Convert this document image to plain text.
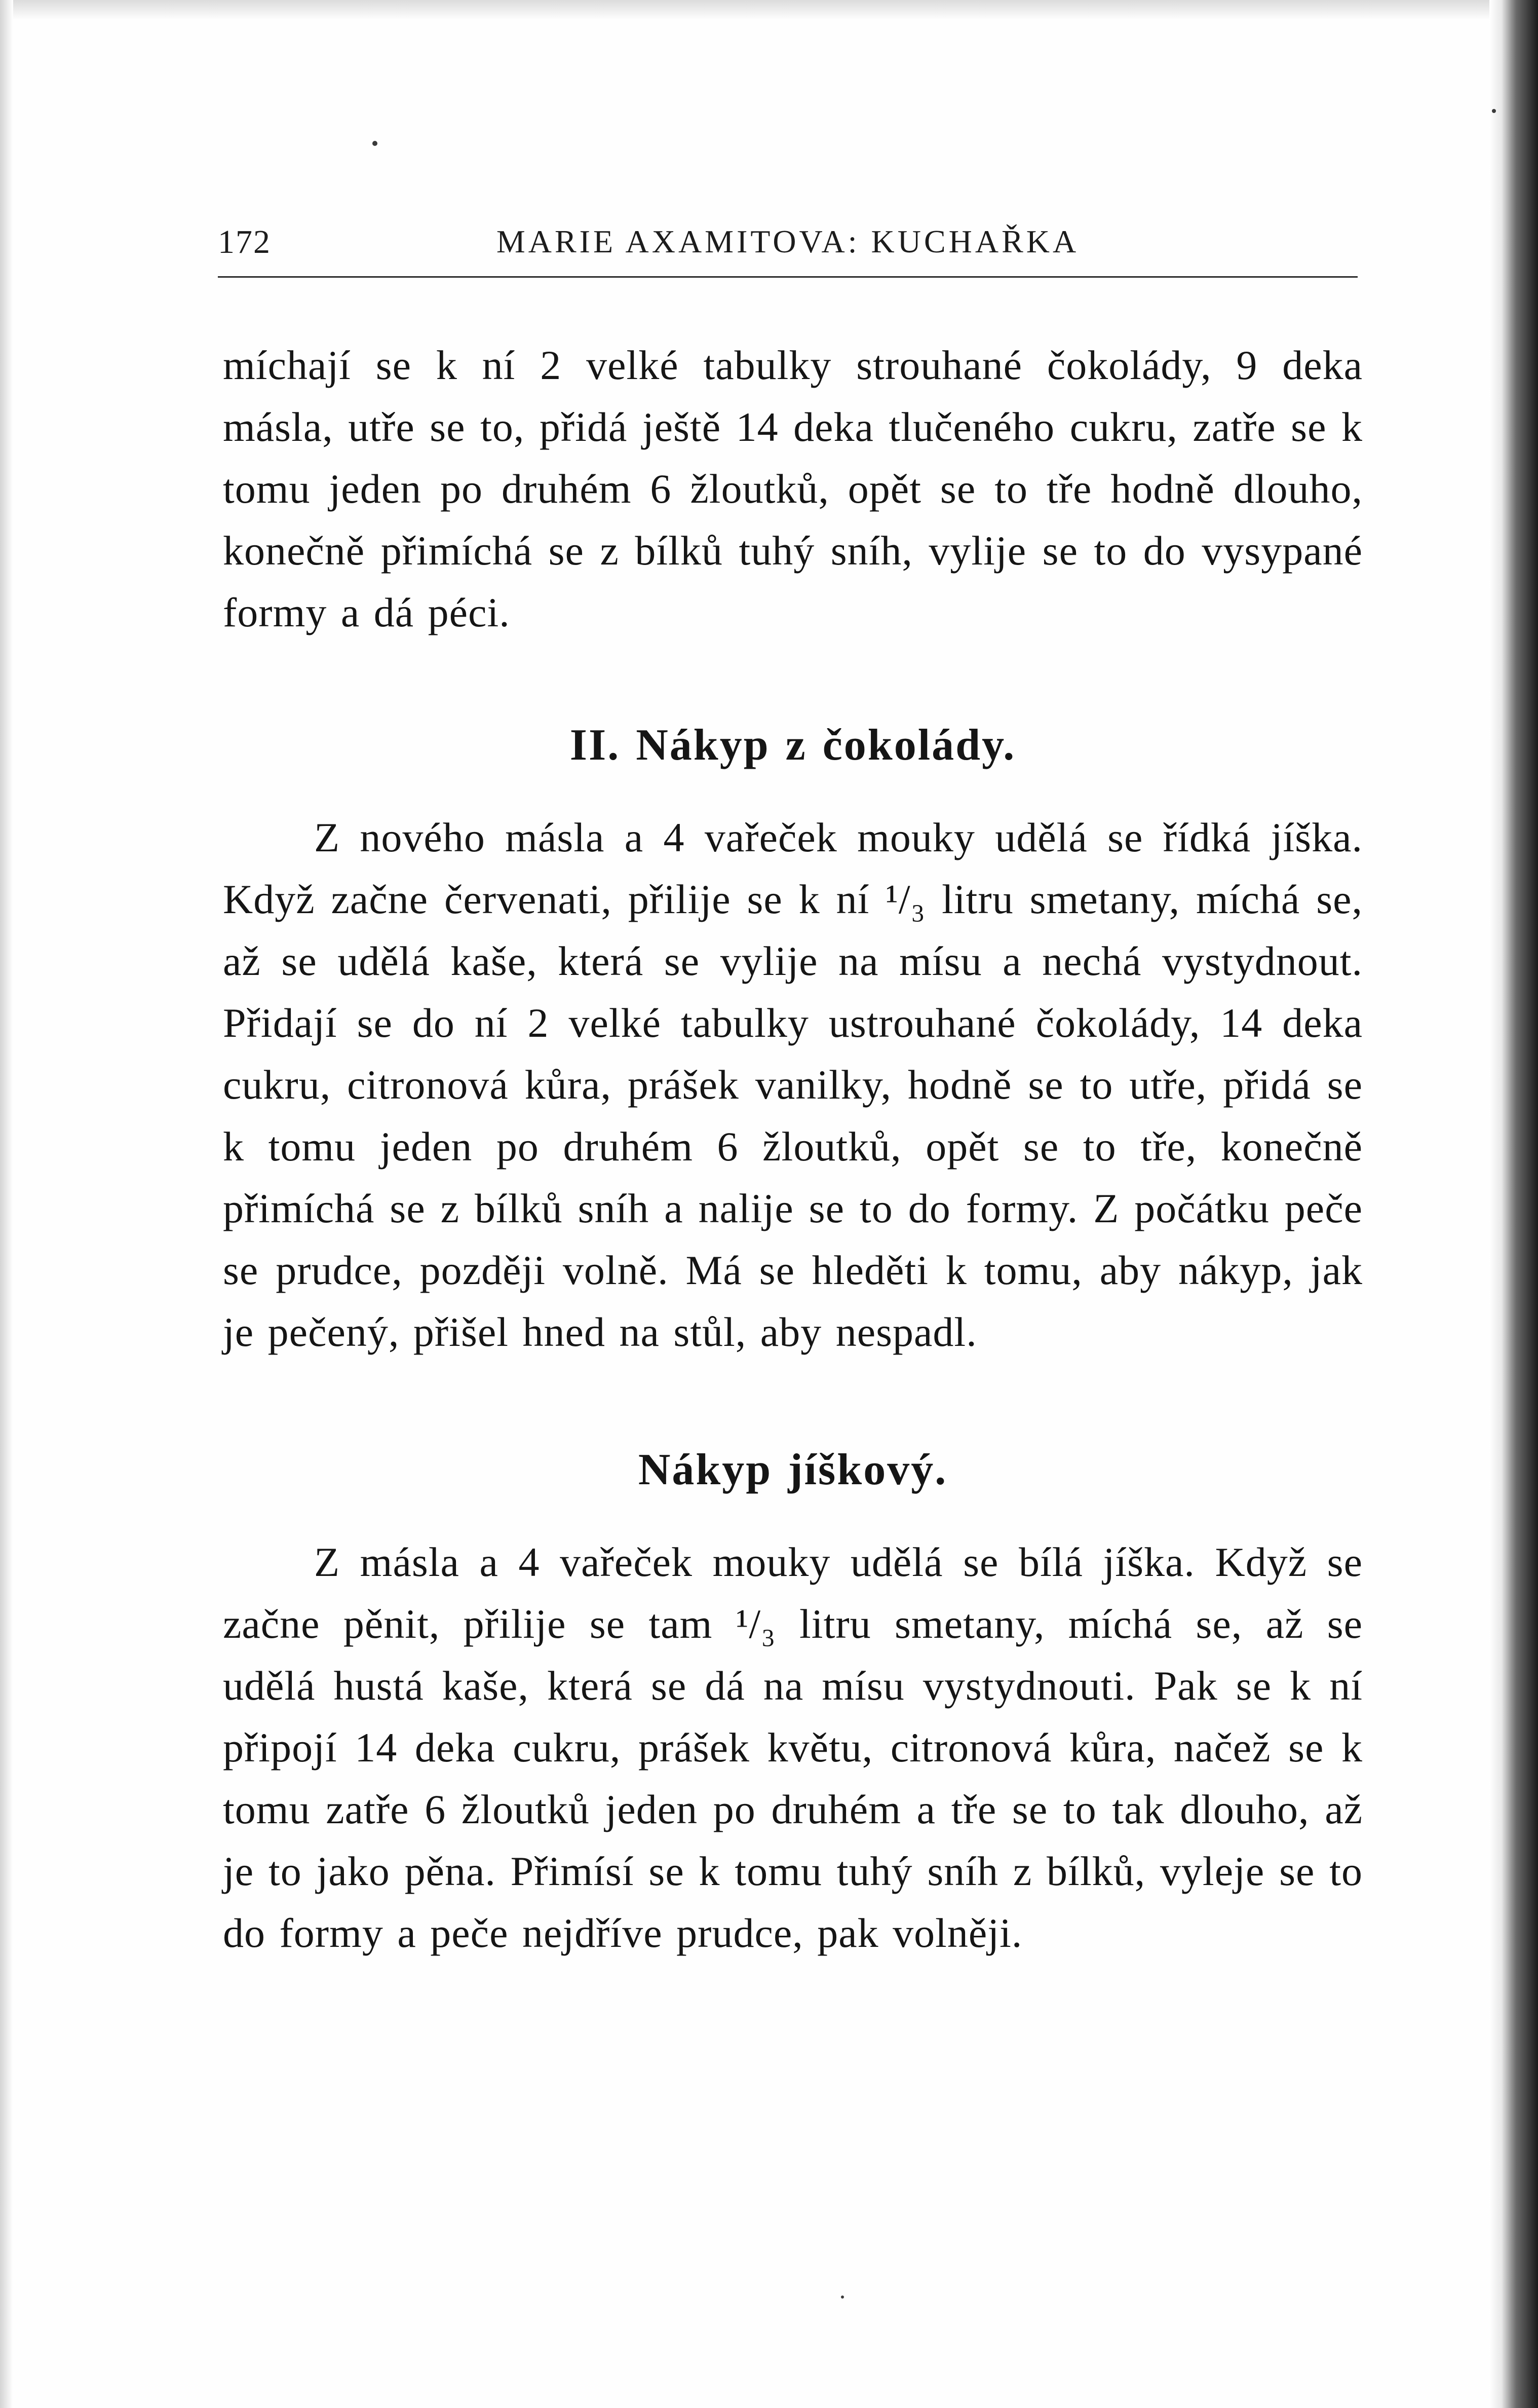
MARIE AXAMITOVA: KUCHAŘKA
172

míchají se k ní 2 velké tabulky strouhané čokolády, 9 deka másla, utře se to, přidá ještě 14 deka tlučeného cukru, zatře se k tomu jeden po druhém 6 žloutků, opět se to tře hodně dlouho, konečně přimíchá se z bílků tuhý sníh, vylije se to do vysypané formy a dá péci.

II. Nákyp z čokolády.

Z nového másla a 4 vařeček mouky udělá se řídká jíška. Když začne červenati, přilije se k ní ¹/₃ litru smetany, míchá se, až se udělá kaše, která se vylije na mísu a nechá vystydnout. Přidají se do ní 2 velké tabulky ustrouhané čokolády, 14 deka cukru, citronová kůra, prášek vanilky, hodně se to utře, přidá se k tomu jeden po druhém 6 žloutků, opět se to tře, konečně přimíchá se z bílků sníh a nalije se to do formy. Z počátku peče se prudce, později volně. Má se hleděti k tomu, aby nákyp, jak je pečený, přišel hned na stůl, aby nespadl.

Nákyp jíškový.

Z másla a 4 vařeček mouky udělá se bílá jíška. Když se začne pěnit, přilije se tam ¹/₃ litru smetany, míchá se, až se udělá hustá kaše, která se dá na mísu vystydnouti. Pak se k ní připojí 14 deka cukru, prášek květu, citronová kůra, načež se k tomu zatře 6 žloutků jeden po druhém a tře se to tak dlouho, až je to jako pěna. Přimísí se k tomu tuhý sníh z bílků, vyleje se to do formy a peče nejdříve prudce, pak volněji.
